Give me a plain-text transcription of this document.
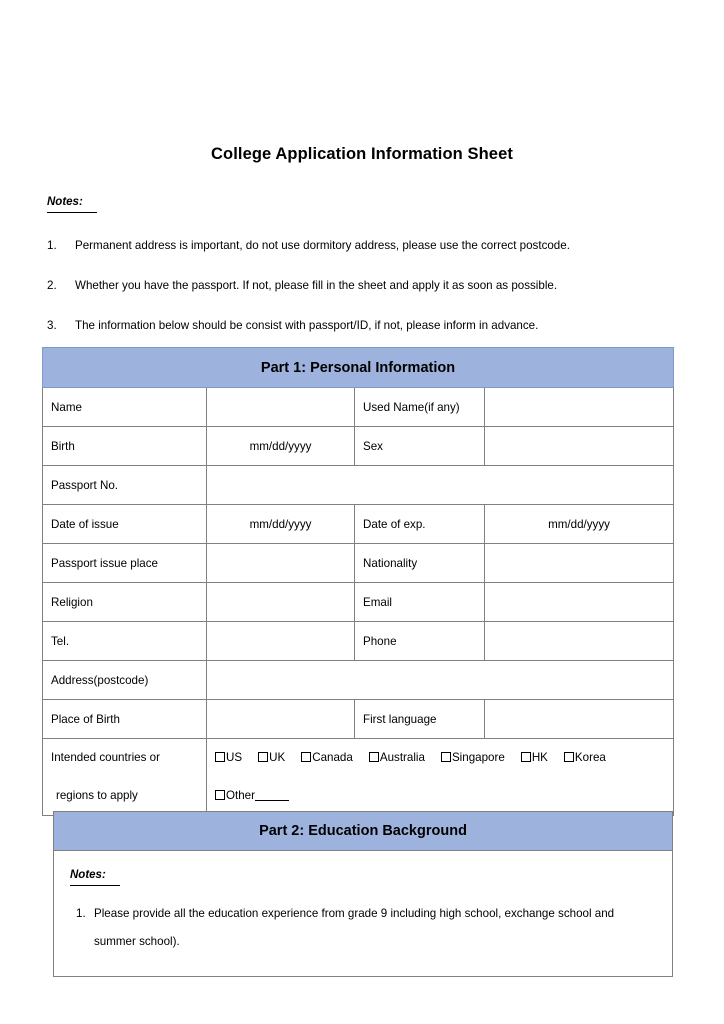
College Application Information Sheet
Notes:
1. Permanent address is important, do not use dormitory address, please use the correct postcode.
2. Whether you have the passport. If not, please fill in the sheet and apply it as soon as possible.
3. The information below should be consist with passport/ID, if not, please inform in advance.
Part 1: Personal Information			
Name		Used Name(if any)	
Birth	mm/dd/yyyy	Sex	
Passport No.			
Date of issue	mm/dd/yyyy	Date of exp.	mm/dd/yyyy
Passport issue place		Nationality	
Religion		Email	
Tel.		Phone	
Address(postcode)			
Place of Birth		First language	

Intended countries or
regions to apply	US UK Canada Australia Singapore HK Korea
Other		
Part 2: Education Background
Notes:
1. Please provide all the education experience from grade 9 including high school, exchange school and summer school).
